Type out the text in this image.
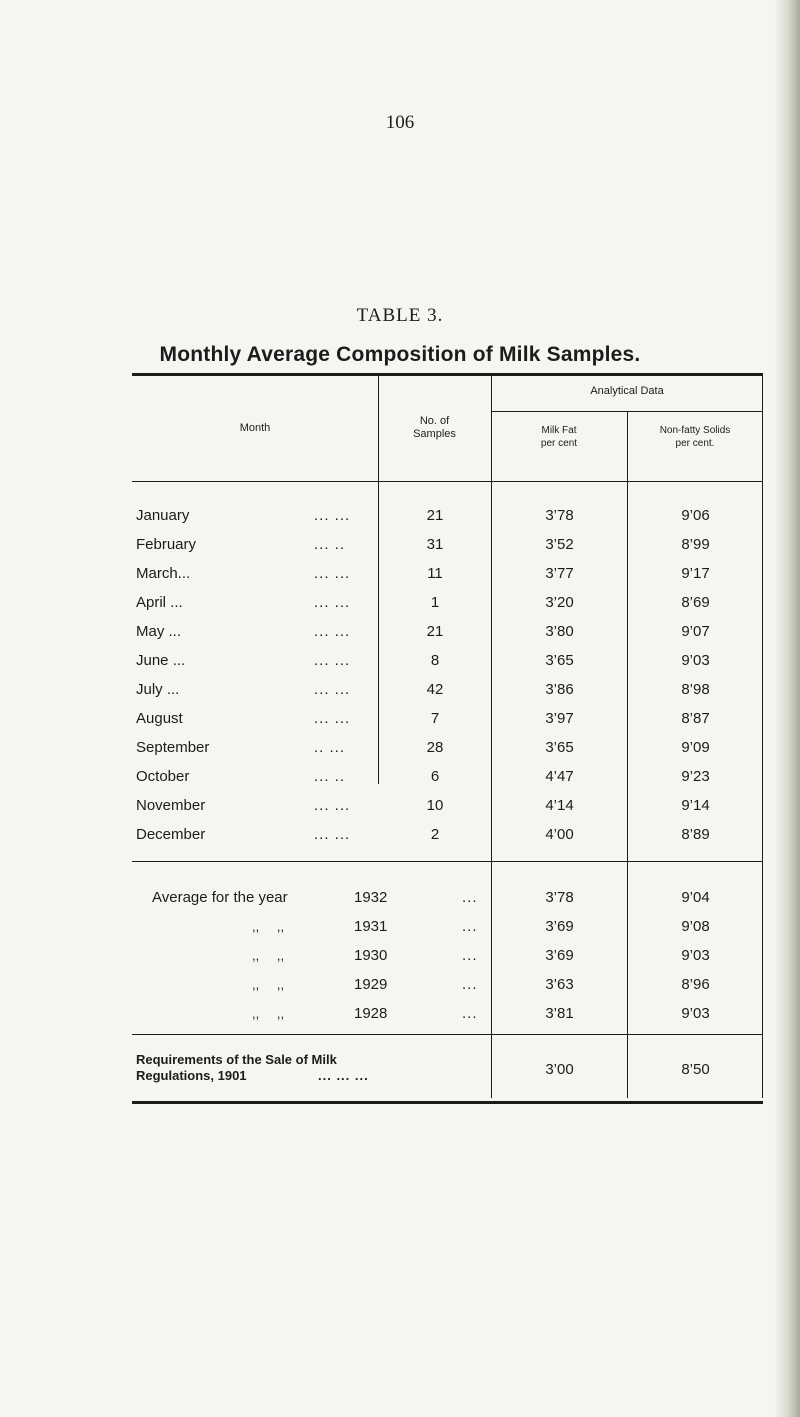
106
TABLE 3.
Monthly Average Composition of Milk Samples.
Month
No. of
Samples
Analytical Data
Milk Fat
per cent
Non-fatty Solids
per cent.
January	... ...	21	3’78	9’06
February	... ..	31	3’52	8’99
March...	... ...	11	3’77	9’17
April ...	... ...	1	3’20	8’69
May ...	... ...	21	3’80	9’07
June ...	... ...	8	3’65	9’03
July ...	... ...	42	3’86	8’98
August	... ...	7	3’97	8’87
September	.. ...	28	3’65	9’09
October	... ..	6	4’47	9’23
November	... ...	10	4’14	9’14
December	... ...	2	4’00	8’89
Average for the year	1932	...	3’78	9’04
,, ,,	1931	...	3’69	9’08
,, ,,	1930	...	3’69	9’03
,, ,,	1929	...	3’63	8’96
,, ,,	1928	...	3’81	9’03
Requirements of the Sale of Milk
Regulations, 1901	... ... ...	3’00	8’50
